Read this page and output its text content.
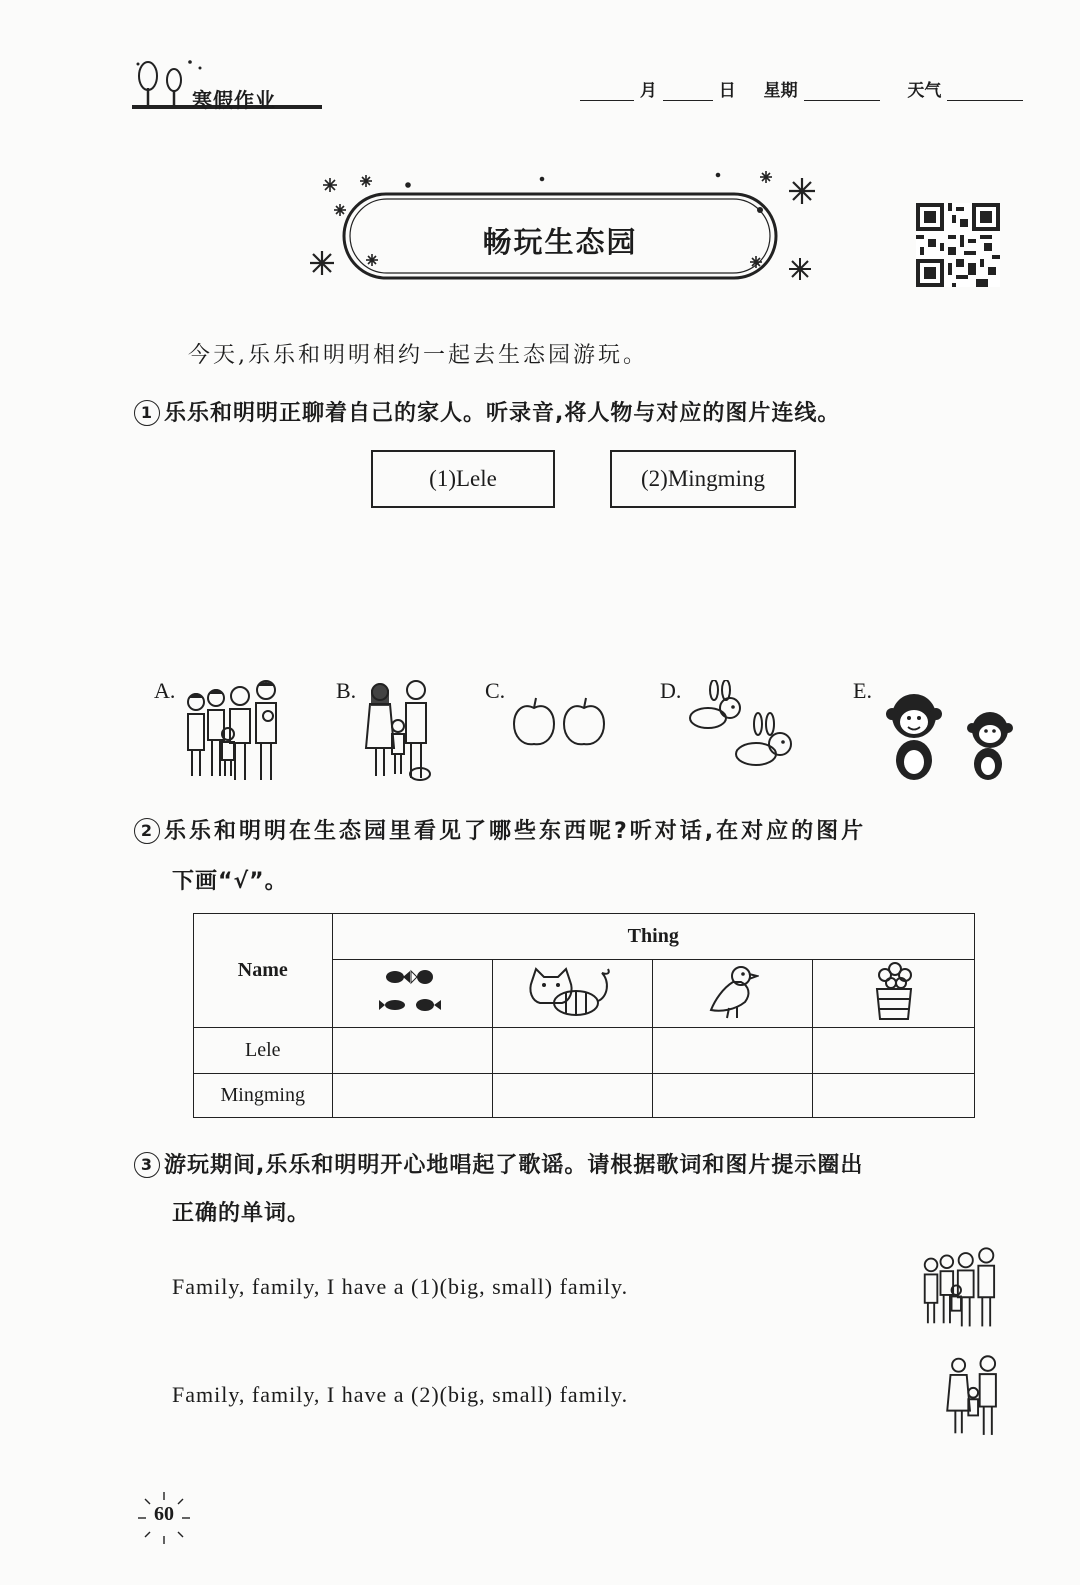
寒假作业	月	日 星期	天气
畅玩生态园
今天,乐乐和明明相约一起去生态园游玩。
1 乐乐和明明正聊着自己的家人。听录音,将人物与对应的图片连线。
(1)Lele	(2)Mingming
A.	B.	C.	D.	E.
2 乐乐和明明在生态园里看见了哪些东西呢?听对话,在对应的图片
下画“√”。
Name	Thing			

Lele				
Mingming				
3 游玩期间,乐乐和明明开心地唱起了歌谣。请根据歌词和图片提示圈出
正确的单词。
Family, family, I have a (1)(big, small) family.
Family, family, I have a (2)(big, small) family.
60
